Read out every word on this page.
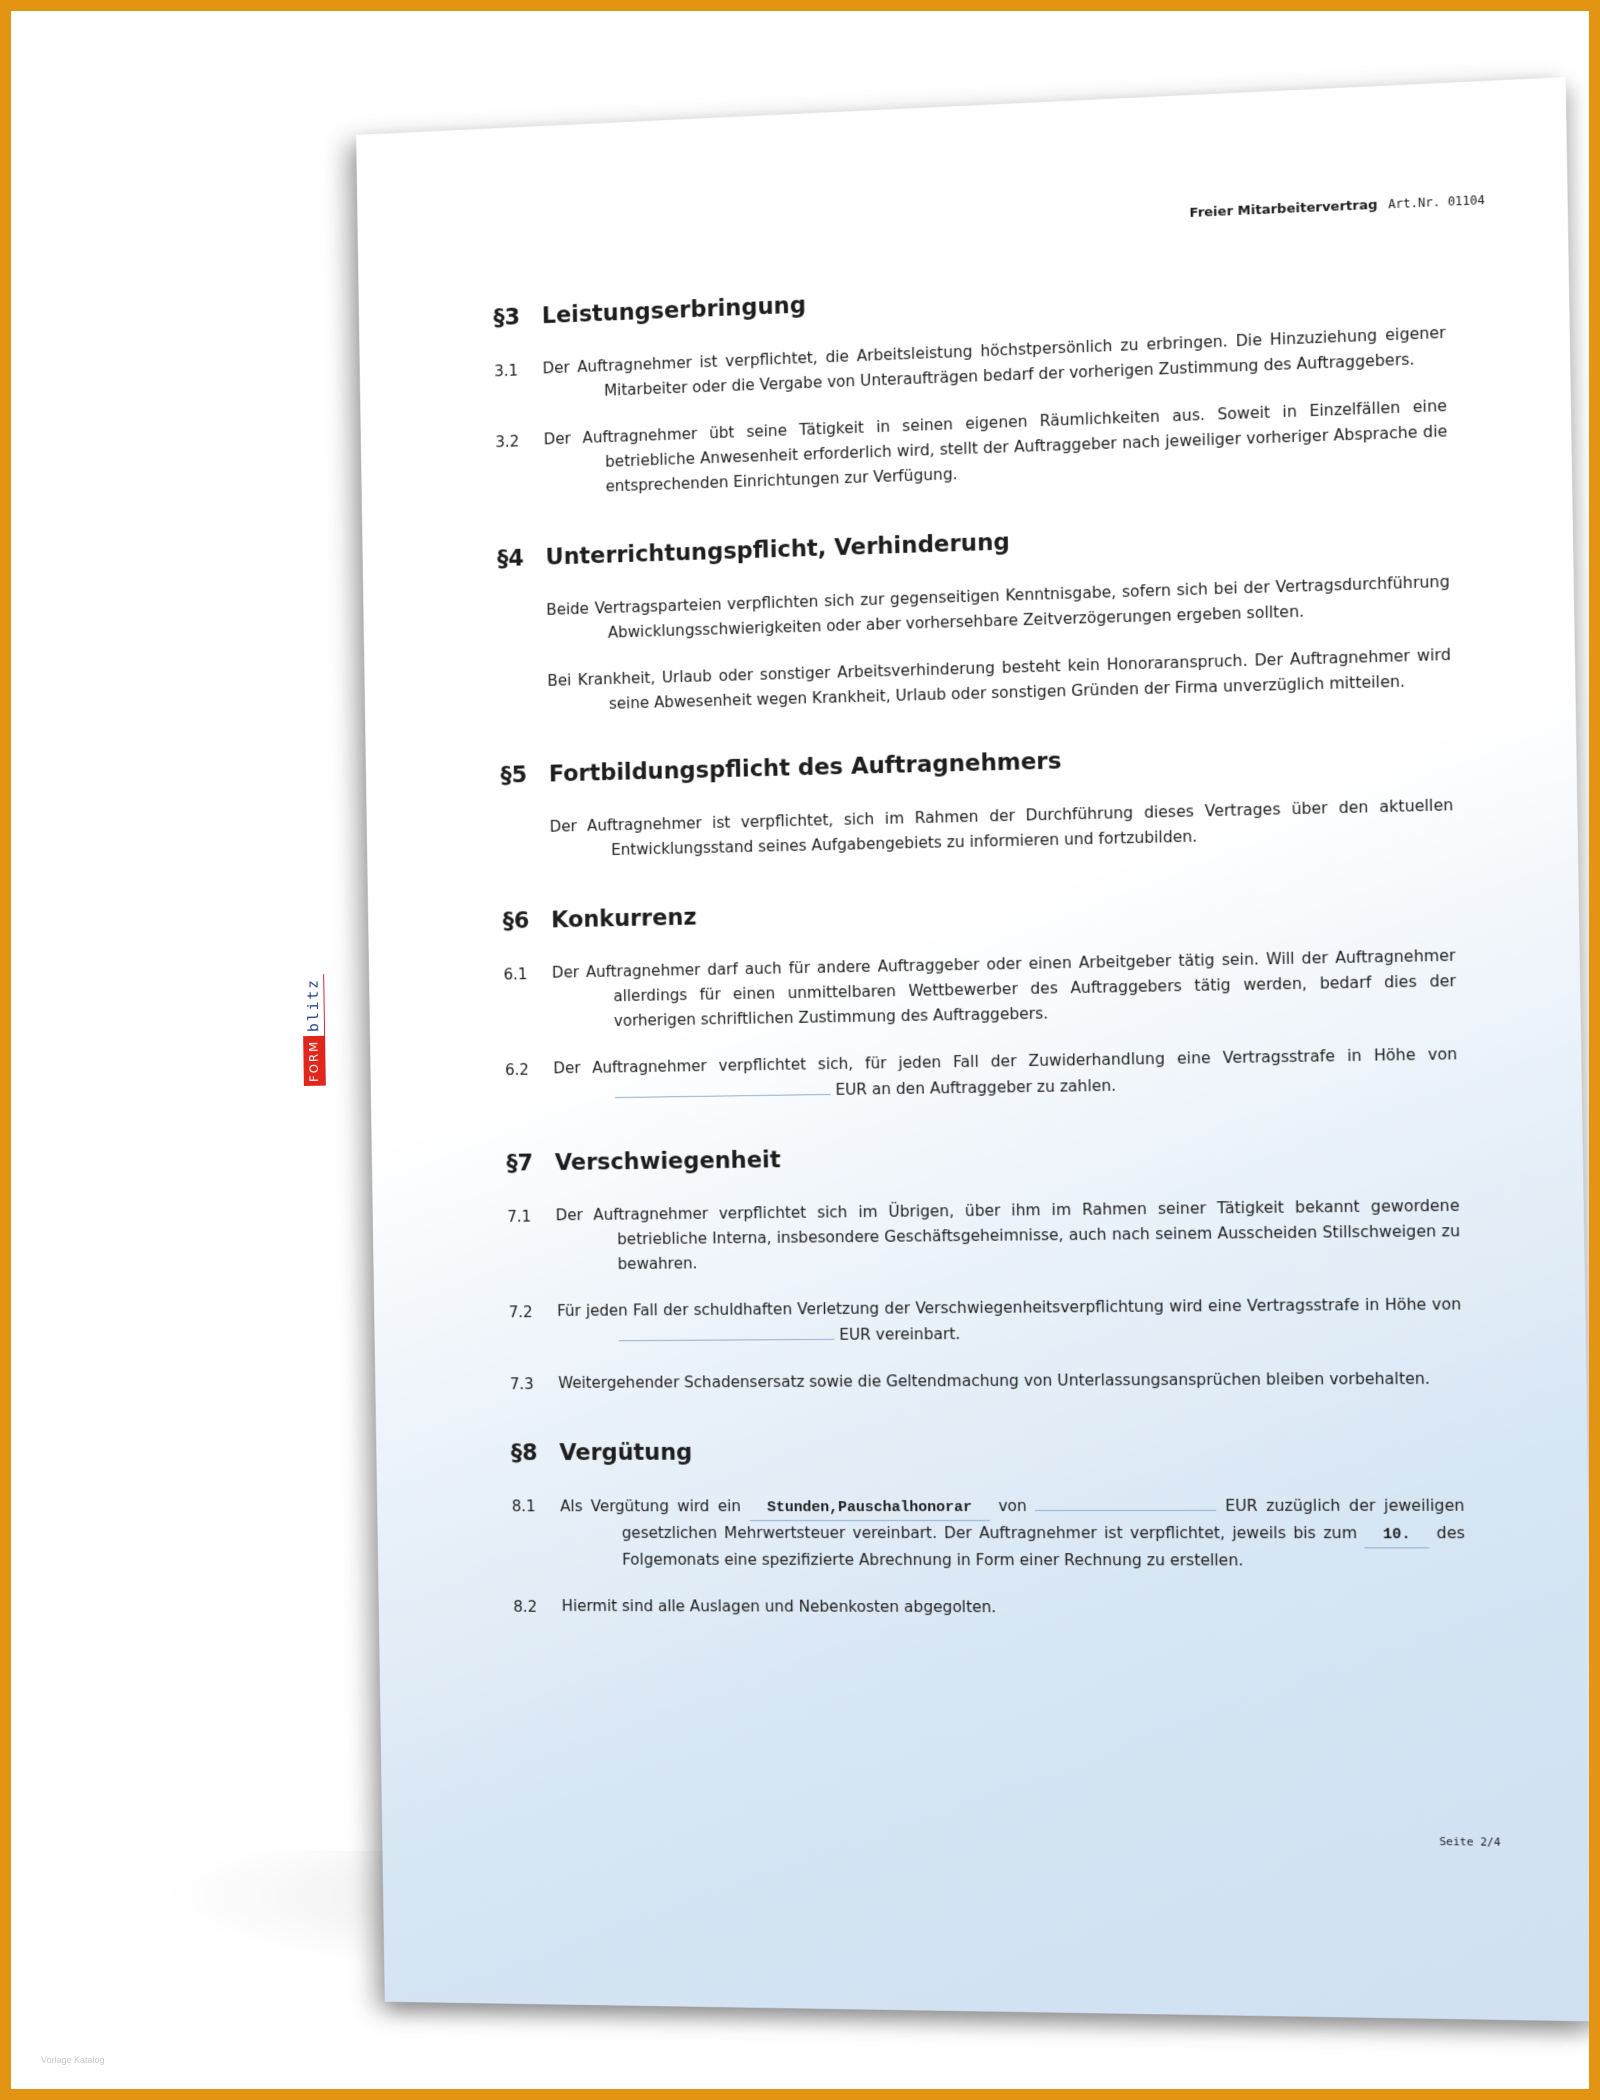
Freier Mitarbeitervertrag Art.Nr. 01104
FORM
blitz
§3 Leistungserbringung
3.1	Der Auftragnehmer ist verpflichtet, die Arbeitsleistung höchstpersönlich zu erbringen. Die Hinzuziehung eigener Mitarbeiter oder die Vergabe von Unteraufträgen bedarf der vorherigen Zustimmung des Auftraggebers.
3.2	Der Auftragnehmer übt seine Tätigkeit in seinen eigenen Räumlichkeiten aus. Soweit in Einzelfällen eine betriebliche Anwesenheit erforderlich wird, stellt der Auftraggeber nach jeweiliger vorheriger Absprache die entsprechenden Einrichtungen zur Verfügung.
§4 Unterrichtungspflicht, Verhinderung
Beide Vertragsparteien verpflichten sich zur gegenseitigen Kenntnisgabe, sofern sich bei der Vertragsdurchführung Abwicklungsschwierigkeiten oder aber vorhersehbare Zeitverzögerungen ergeben sollten.
Bei Krankheit, Urlaub oder sonstiger Arbeitsverhinderung besteht kein Honoraranspruch. Der Auftragnehmer wird seine Abwesenheit wegen Krankheit, Urlaub oder sonstigen Gründen der Firma unverzüglich mitteilen.
§5 Fortbildungspflicht des Auftragnehmers
Der Auftragnehmer ist verpflichtet, sich im Rahmen der Durchführung dieses Vertrages über den aktuellen Entwicklungsstand seines Aufgabengebiets zu informieren und fortzubilden.
§6 Konkurrenz
6.1	Der Auftragnehmer darf auch für andere Auftraggeber oder einen Arbeitgeber tätig sein. Will der Auftragnehmer allerdings für einen unmittelbaren Wettbewerber des Auftraggebers tätig werden, bedarf dies der vorherigen schriftlichen Zustimmung des Auftraggebers.
6.2	Der Auftragnehmer verpflichtet sich, für jeden Fall der Zuwiderhandlung eine Vertragsstrafe in Höhe von  EUR an den Auftraggeber zu zahlen.
§7 Verschwiegenheit
7.1	Der Auftragnehmer verpflichtet sich im Übrigen, über ihm im Rahmen seiner Tätigkeit bekannt gewordene betriebliche Interna, insbesondere Geschäftsgeheimnisse, auch nach seinem Ausscheiden Stillschweigen zu bewahren.
7.2	Für jeden Fall der schuldhaften Verletzung der Verschwiegenheitsverpflichtung wird eine Vertragsstrafe in Höhe von  EUR vereinbart.
7.3	Weitergehender Schadensersatz sowie die Geltendmachung von Unterlassungsansprüchen bleiben vorbehalten.
§8 Vergütung
8.1	Als Vergütung wird ein Stunden,Pauschalhonorar von	EUR zuzüglich der jeweiligen gesetzlichen Mehrwertsteuer vereinbart. Der Auftragnehmer ist verpflichtet, jeweils bis zum 10. des Folgemonats eine spezifizierte Abrechnung in Form einer Rechnung zu erstellen.
8.2	Hiermit sind alle Auslagen und Nebenkosten abgegolten.
Seite 2/4
Vorlage Katalog
